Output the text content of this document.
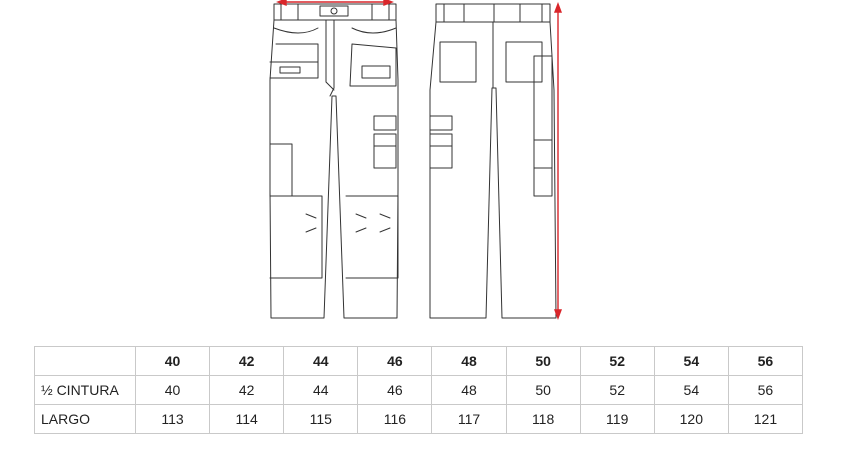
	40	42	44	46	48	50	52	54	56
½ CINTURA	40	42	44	46	48	50	52	54	56
LARGO	113	114	115	116	117	118	119	120	121
